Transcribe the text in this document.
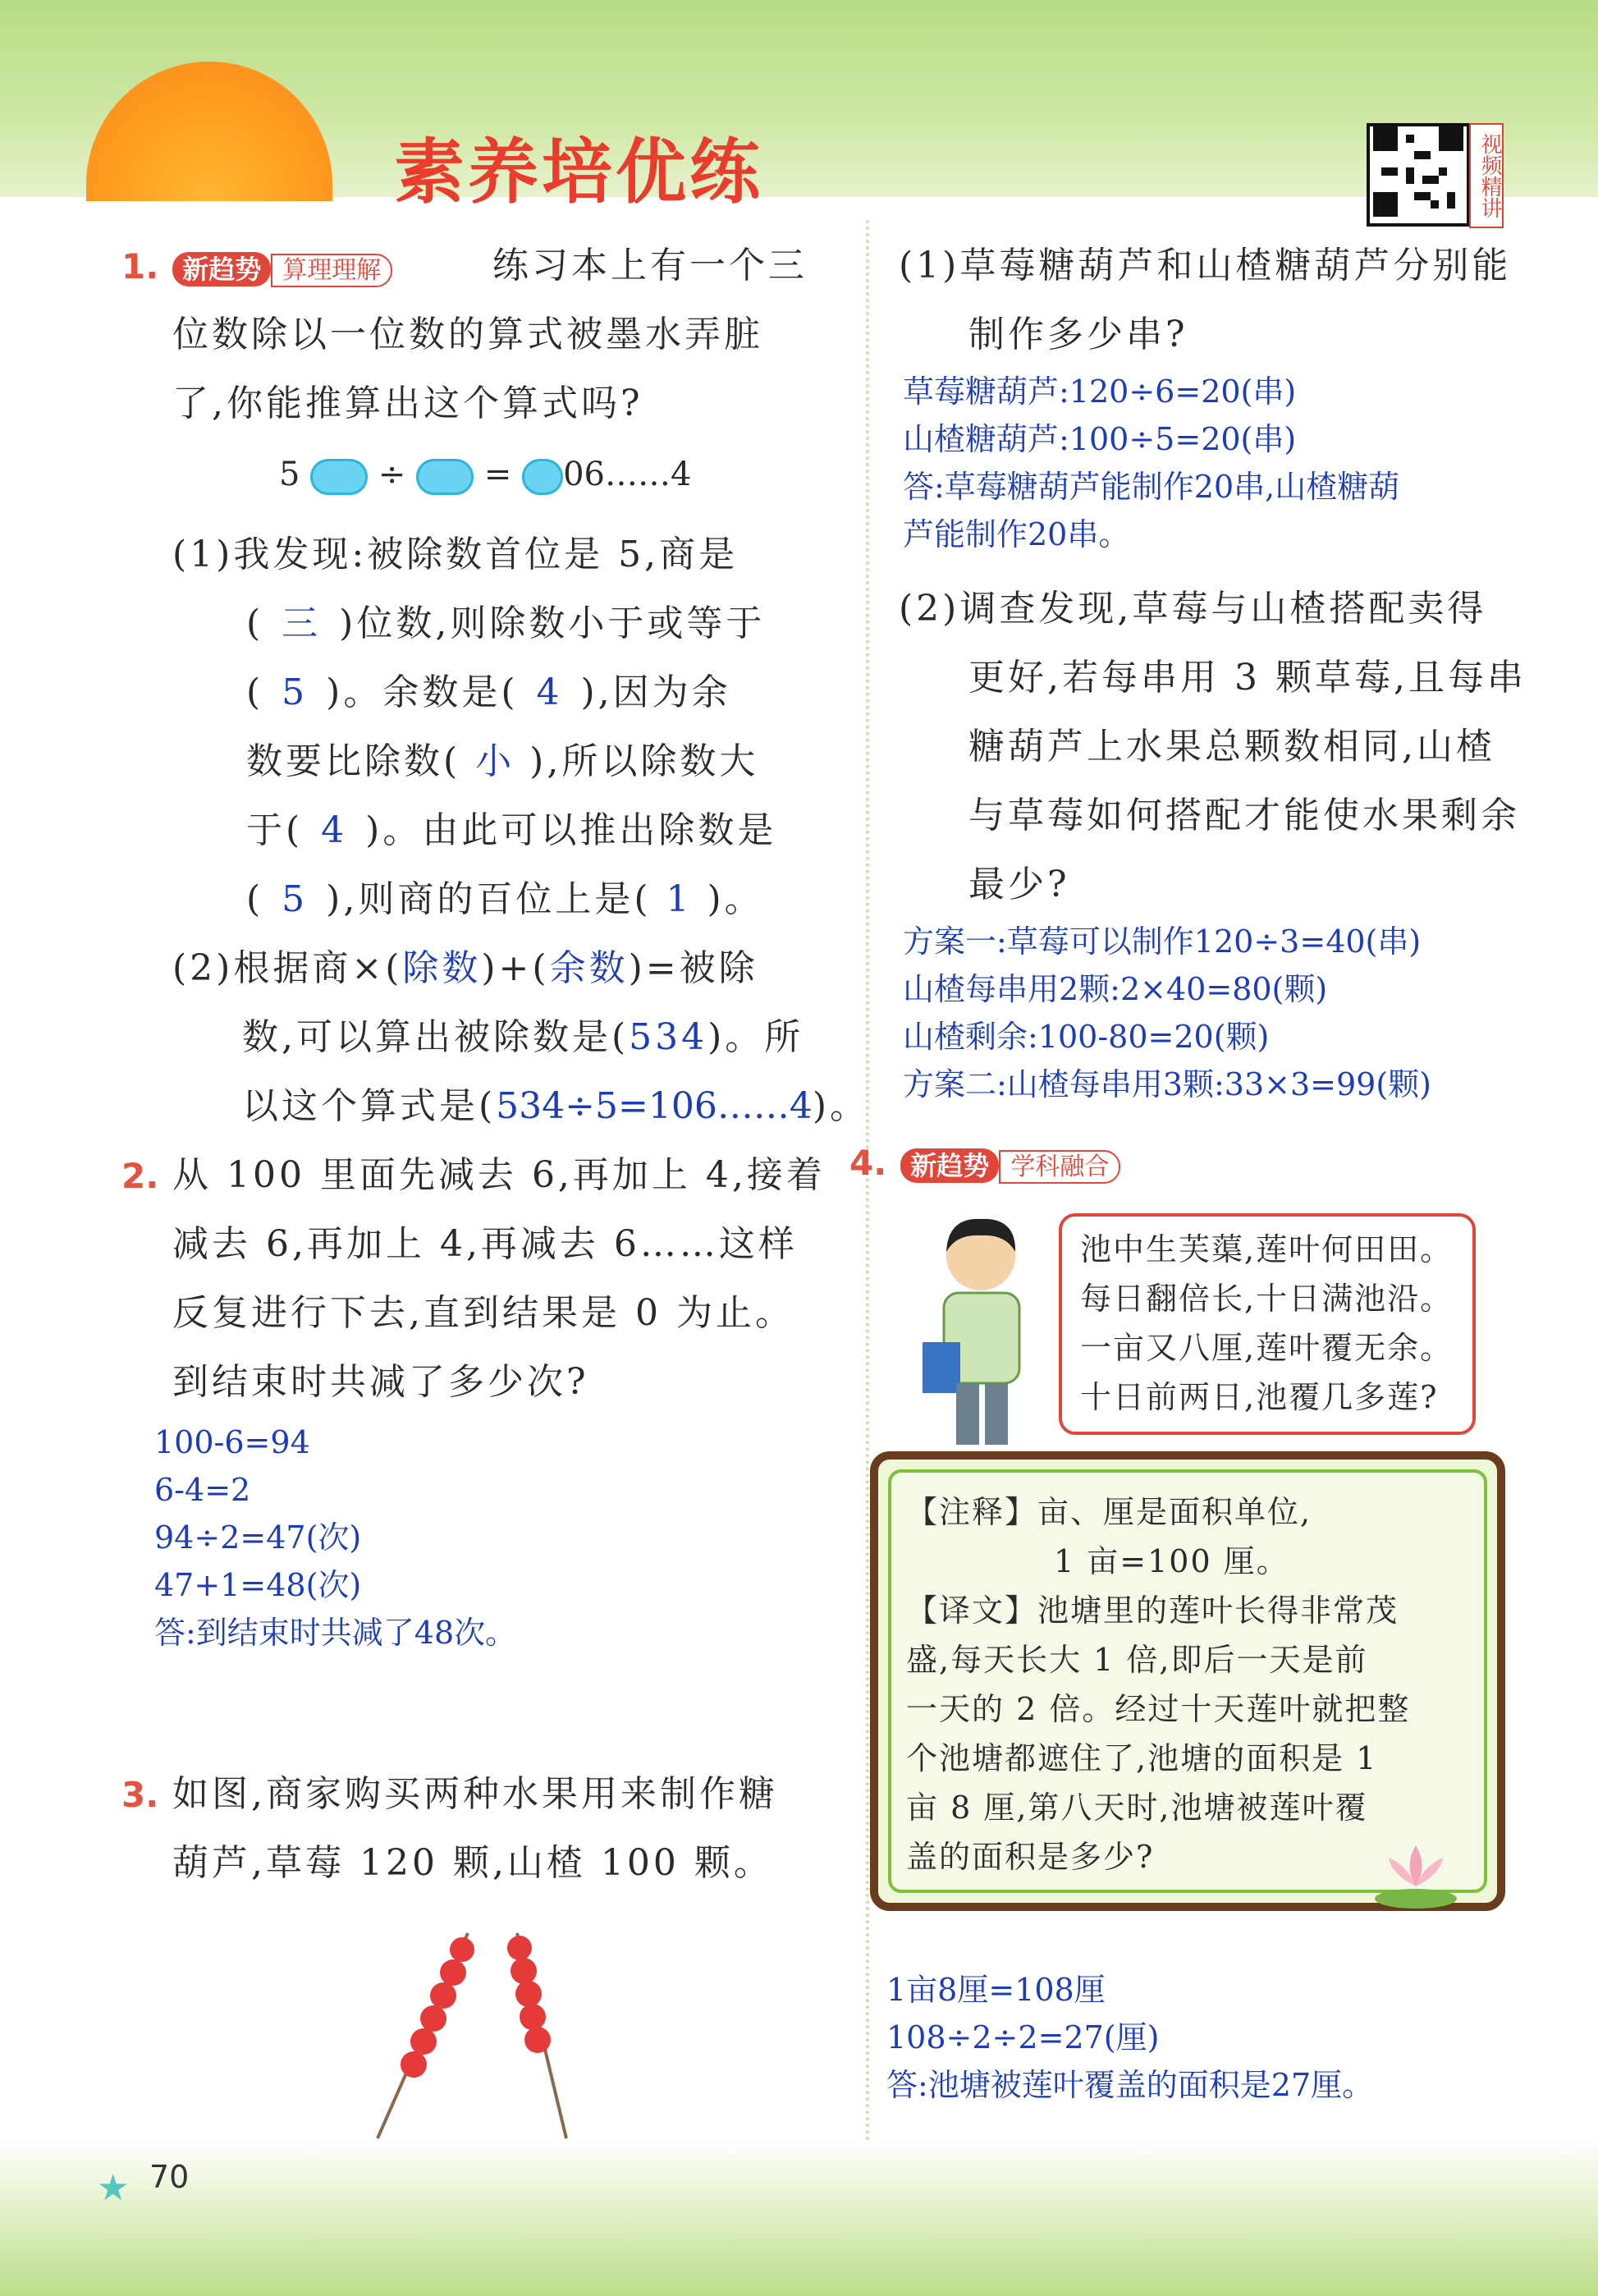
素养培优练	视频精讲
1. 新趋势 算理理解	练习本上有一个三
位数除以一位数的算式被墨水弄脏
了,你能推算出这个算式吗?
5 ÷ = 06……4
(1)我发现:被除数首位是 5,商是
( 三 )位数,则除数小于或等于
( 5 )。余数是( 4 ),因为余
数要比除数( 小 ),所以除数大
于( 4 )。由此可以推出除数是
( 5 ),则商的百位上是( 1 )。
(2)根据商×(除数)+(余数)=被除
数,可以算出被除数是(534)。所
以这个算式是(534÷5=106……4)。
2. 从 100 里面先减去 6,再加上 4,接着
减去 6,再加上 4,再减去 6……这样
反复进行下去,直到结果是 0 为止。
到结束时共减了多少次?
100-6=94
6-4=2
94÷2=47(次)
47+1=48(次)
答:到结束时共减了48次。
3. 如图,商家购买两种水果用来制作糖
葫芦,草莓 120 颗,山楂 100 颗。
(1)草莓糖葫芦和山楂糖葫芦分别能
制作多少串?
草莓糖葫芦:120÷6=20(串)
山楂糖葫芦:100÷5=20(串)
答:草莓糖葫芦能制作20串,山楂糖葫
芦能制作20串。
(2)调查发现,草莓与山楂搭配卖得
更好,若每串用 3 颗草莓,且每串
糖葫芦上水果总颗数相同,山楂
与草莓如何搭配才能使水果剩余
最少?
方案一:草莓可以制作120÷3=40(串)
山楂每串用2颗:2×40=80(颗)
山楂剩余:100-80=20(颗)
方案二:山楂每串用3颗:33×3=99(颗)
4. 新趋势 学科融合
池中生芙蕖,莲叶何田田。
每日翻倍长,十日满池沿。
一亩又八厘,莲叶覆无余。
十日前两日,池覆几多莲?
【注释】亩、厘是面积单位,
1 亩=100 厘。
【译文】池塘里的莲叶长得非常茂
盛,每天长大 1 倍,即后一天是前
一天的 2 倍。经过十天莲叶就把整
个池塘都遮住了,池塘的面积是 1
亩 8 厘,第八天时,池塘被莲叶覆
盖的面积是多少?
1亩8厘=108厘
108÷2÷2=27(厘)
答:池塘被莲叶覆盖的面积是27厘。
★ 70
